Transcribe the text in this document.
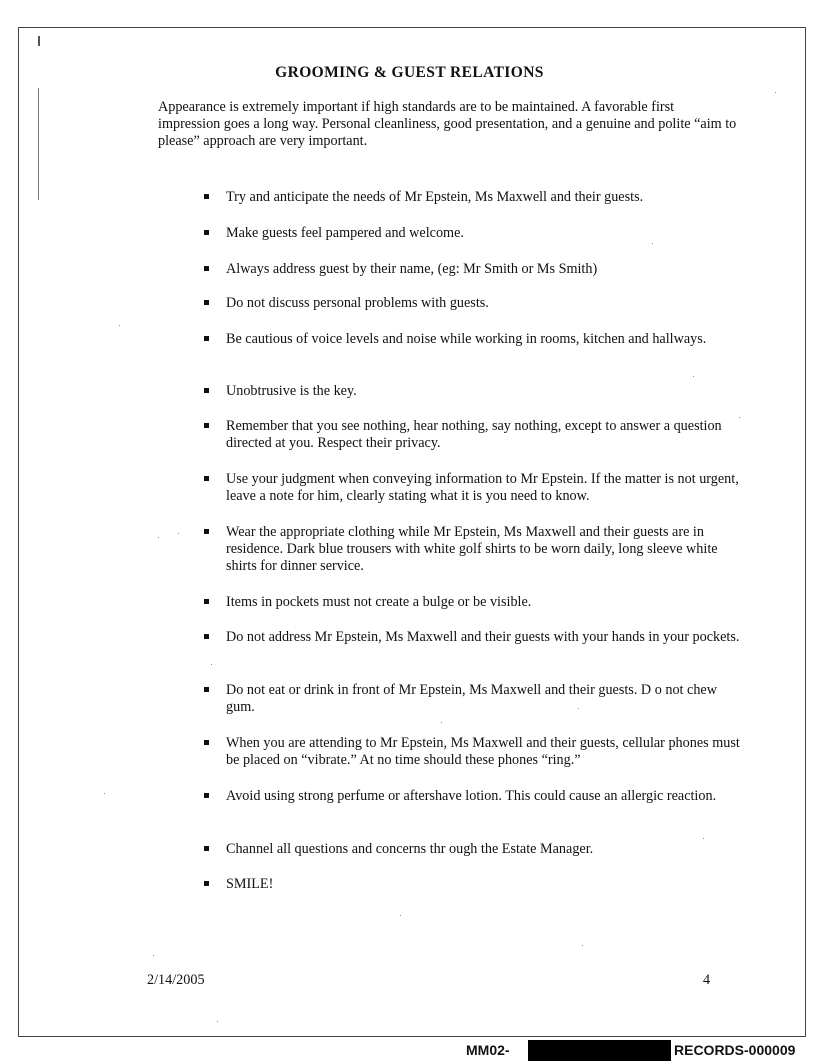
GROOMING & GUEST RELATIONS
Appearance is extremely important if high standards are to be maintained. A favorable first impression goes a long way. Personal cleanliness, good presentation, and a genuine and polite “aim to please” approach are very important.
Try and anticipate the needs of Mr Epstein, Ms Maxwell and their guests.
Make guests feel pampered and welcome.
Always address guest by their name, (eg: Mr Smith or Ms Smith)
Do not discuss personal problems with guests.
Be cautious of voice levels and noise while working in rooms, kitchen and hallways.
Unobtrusive is the key.
Remember that you see nothing, hear nothing, say nothing, except to answer a question directed at you. Respect their privacy.
Use your judgment when conveying information to Mr Epstein. If the matter is not urgent, leave a note for him, clearly stating what it is you need to know.
Wear the appropriate clothing while Mr Epstein, Ms Maxwell and their guests are in residence. Dark blue trousers with white golf shirts to be worn daily, long sleeve white shirts for dinner service.
Items in pockets must not create a bulge or be visible.
Do not address Mr Epstein, Ms Maxwell and their guests with your hands in your pockets.
Do not eat or drink in front of Mr Epstein, Ms Maxwell and their guests. D o not chew gum.
When you are attending to Mr Epstein, Ms Maxwell and their guests, cellular phones must be placed on “vibrate.” At no time should these phones “ring.”
Avoid using strong perfume or aftershave lotion. This could cause an allergic reaction.
Channel all questions and concerns thr ough the Estate Manager.
SMILE!
2/14/2005	4
MM02-	RECORDS-000009
